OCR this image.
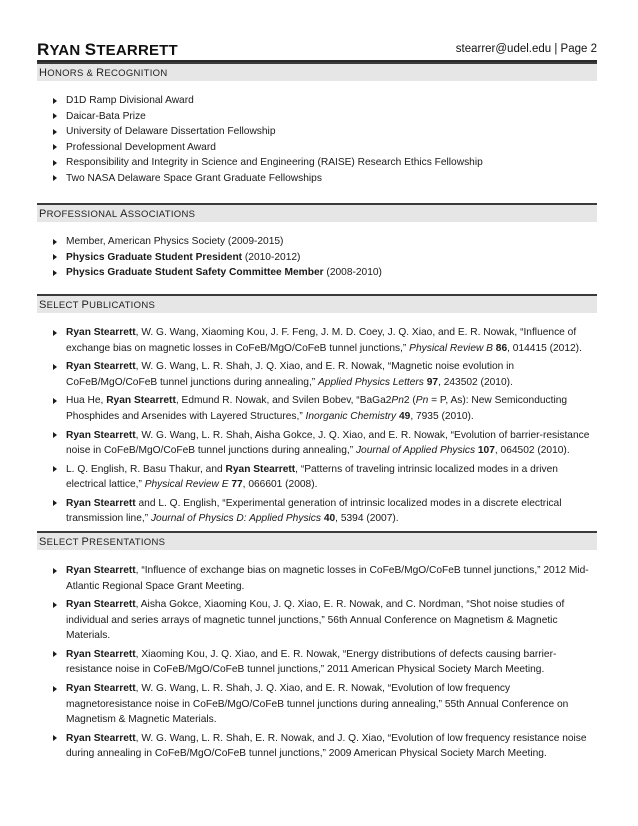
RYAN STEARRETT	stearrer@udel.edu | Page 2
HONORS & RECOGNITION
D1D Ramp Divisional Award
Daicar-Bata Prize
University of Delaware Dissertation Fellowship
Professional Development Award
Responsibility and Integrity in Science and Engineering (RAISE) Research Ethics Fellowship
Two NASA Delaware Space Grant Graduate Fellowships
PROFESSIONAL ASSOCIATIONS
Member, American Physics Society (2009-2015)
Physics Graduate Student President (2010-2012)
Physics Graduate Student Safety Committee Member (2008-2010)
SELECT PUBLICATIONS
Ryan Stearrett, W. G. Wang, Xiaoming Kou, J. F. Feng, J. M. D. Coey, J. Q. Xiao, and E. R. Nowak, “Influence of exchange bias on magnetic losses in CoFeB/MgO/CoFeB tunnel junctions,” Physical Review B 86, 014415 (2012).
Ryan Stearrett, W. G. Wang, L. R. Shah, J. Q. Xiao, and E. R. Nowak, “Magnetic noise evolution in CoFeB/MgO/CoFeB tunnel junctions during annealing,” Applied Physics Letters 97, 243502 (2010).
Hua He, Ryan Stearrett, Edmund R. Nowak, and Svilen Bobev, “BaGa2Pn2 (Pn = P, As): New Semiconducting Phosphides and Arsenides with Layered Structures,” Inorganic Chemistry 49, 7935 (2010).
Ryan Stearrett, W. G. Wang, L. R. Shah, Aisha Gokce, J. Q. Xiao, and E. R. Nowak, “Evolution of barrier-resistance noise in CoFeB/MgO/CoFeB tunnel junctions during annealing,” Journal of Applied Physics 107, 064502 (2010).
L. Q. English, R. Basu Thakur, and Ryan Stearrett, “Patterns of traveling intrinsic localized modes in a driven electrical lattice,” Physical Review E 77, 066601 (2008).
Ryan Stearrett and L. Q. English, “Experimental generation of intrinsic localized modes in a discrete electrical transmission line,” Journal of Physics D: Applied Physics 40, 5394 (2007).
SELECT PRESENTATIONS
Ryan Stearrett, “Influence of exchange bias on magnetic losses in CoFeB/MgO/CoFeB tunnel junctions,” 2012 Mid-Atlantic Regional Space Grant Meeting.
Ryan Stearrett, Aisha Gokce, Xiaoming Kou, J. Q. Xiao, E. R. Nowak, and C. Nordman, “Shot noise studies of individual and series arrays of magnetic tunnel junctions,” 56th Annual Conference on Magnetism & Magnetic Materials.
Ryan Stearrett, Xiaoming Kou, J. Q. Xiao, and E. R. Nowak, “Energy distributions of defects causing barrier-resistance noise in CoFeB/MgO/CoFeB tunnel junctions,” 2011 American Physical Society March Meeting.
Ryan Stearrett, W. G. Wang, L. R. Shah, J. Q. Xiao, and E. R. Nowak, “Evolution of low frequency magnetoresistance noise in CoFeB/MgO/CoFeB tunnel junctions during annealing,” 55th Annual Conference on Magnetism & Magnetic Materials.
Ryan Stearrett, W. G. Wang, L. R. Shah, E. R. Nowak, and J. Q. Xiao, “Evolution of low frequency resistance noise during annealing in CoFeB/MgO/CoFeB tunnel junctions,” 2009 American Physical Society March Meeting.
